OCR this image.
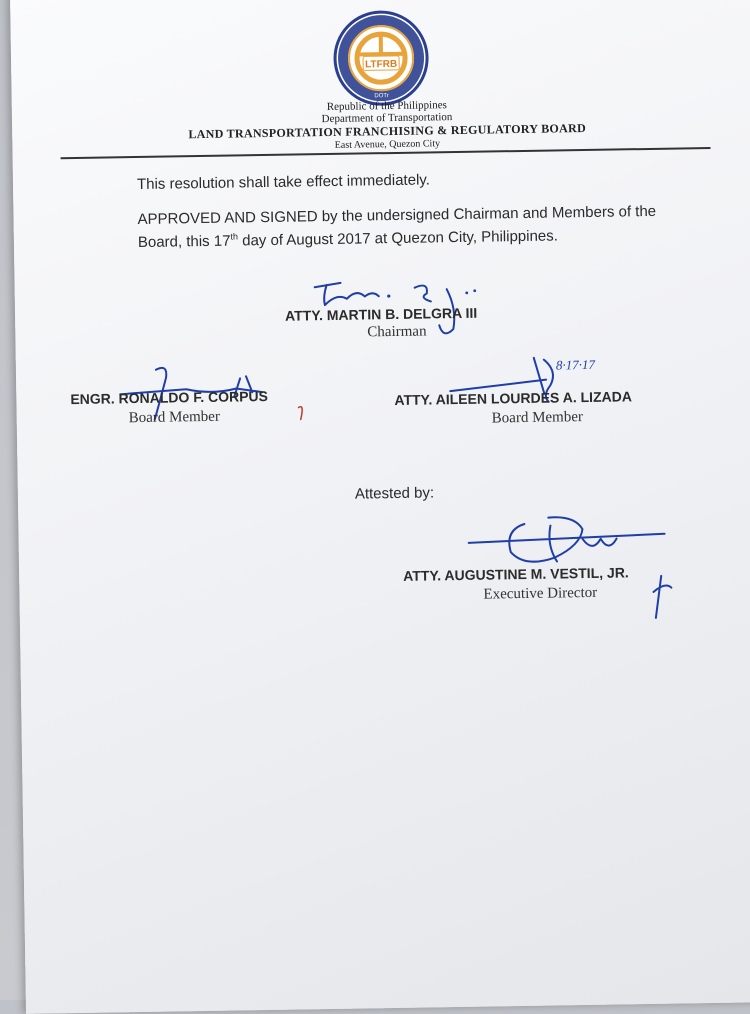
LTFRB
DOTr
Republic of the Philippines
Department of Transportation
LAND TRANSPORTATION FRANCHISING & REGULATORY BOARD
East Avenue, Quezon City
This resolution shall take effect immediately.
APPROVED AND SIGNED by the undersigned Chairman and Members of the Board, this 17th day of August 2017 at Quezon City, Philippines.
ATTY. MARTIN B. DELGRA III
Chairman
ENGR. RONALDO F. CORPUS
Board Member
8·17·17
ATTY. AILEEN LOURDES A. LIZADA
Board Member
Attested by:
ATTY. AUGUSTINE M. VESTIL, JR.
Executive Director
